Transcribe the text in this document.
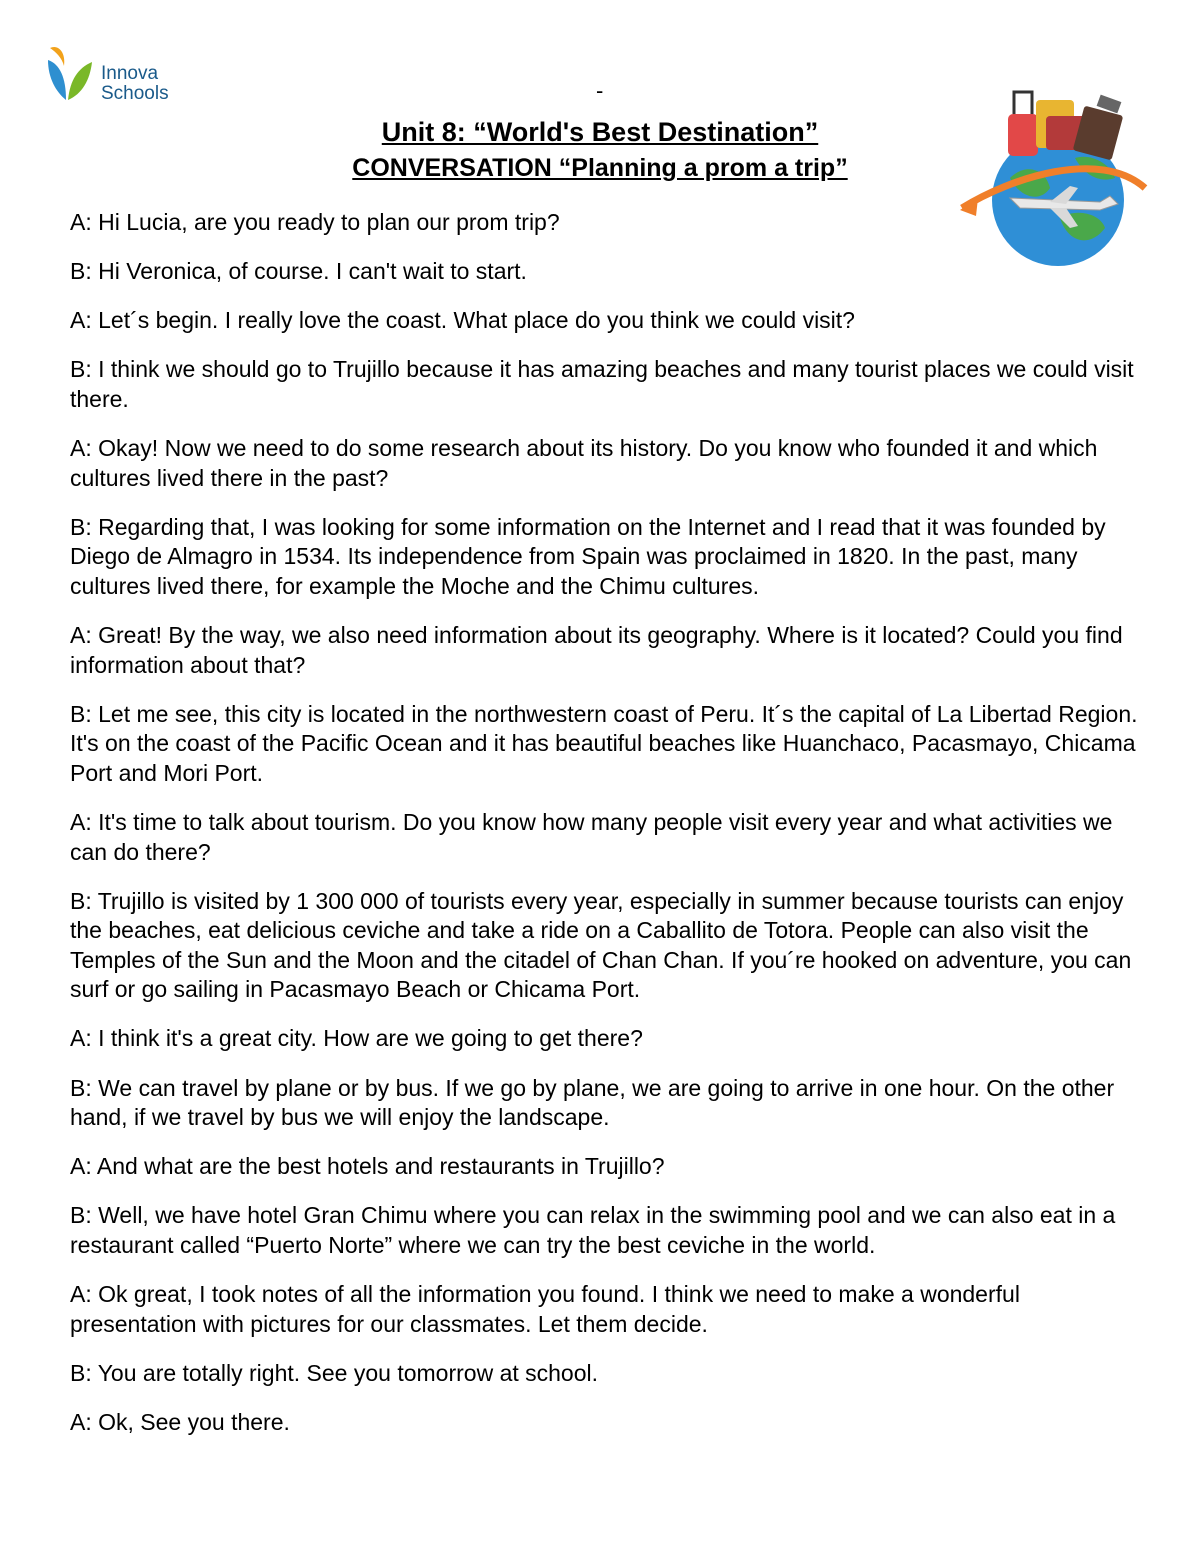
Innova
Schools	-
Unit 8: “World's Best Destination”
CONVERSATION “Planning a prom a trip”

A: Hi Lucia, are you ready to plan our prom trip?

B: Hi Veronica, of course. I can't wait to start.

A: Let´s begin. I really love the coast. What place do you think we could visit?

B: I think we should go to Trujillo because it has amazing beaches and many tourist places we could visit there.

A: Okay! Now we need to do some research about its history. Do you know who founded it and which cultures lived there in the past?

B: Regarding that, I was looking for some information on the Internet and I read that it was founded by Diego de Almagro in 1534. Its independence from Spain was proclaimed in 1820. In the past, many cultures lived there, for example the Moche and the Chimu cultures.

A: Great! By the way, we also need information about its geography. Where is it located? Could you find information about that?

B: Let me see, this city is located in the northwestern coast of Peru. It´s the capital of La Libertad Region. It's on the coast of the Pacific Ocean and it has beautiful beaches like Huanchaco, Pacasmayo, Chicama Port and Mori Port.

A: It's time to talk about tourism. Do you know how many people visit every year and what activities we can do there?

B: Trujillo is visited by 1 300 000 of tourists every year, especially in summer because tourists can enjoy the beaches, eat delicious ceviche and take a ride on a Caballito de Totora. People can also visit the Temples of the Sun and the Moon and the citadel of Chan Chan. If you´re hooked on adventure, you can surf or go sailing in Pacasmayo Beach or Chicama Port.

A: I think it's a great city. How are we going to get there?

B: We can travel by plane or by bus. If we go by plane, we are going to arrive in one hour. On the other hand, if we travel by bus we will enjoy the landscape.

A: And what are the best hotels and restaurants in Trujillo?

B: Well, we have hotel Gran Chimu where you can relax in the swimming pool and we can also eat in a restaurant called “Puerto Norte” where we can try the best ceviche in the world.

A: Ok great, I took notes of all the information you found. I think we need to make a wonderful presentation with pictures for our classmates. Let them decide.

B: You are totally right. See you tomorrow at school.

A: Ok, See you there.
